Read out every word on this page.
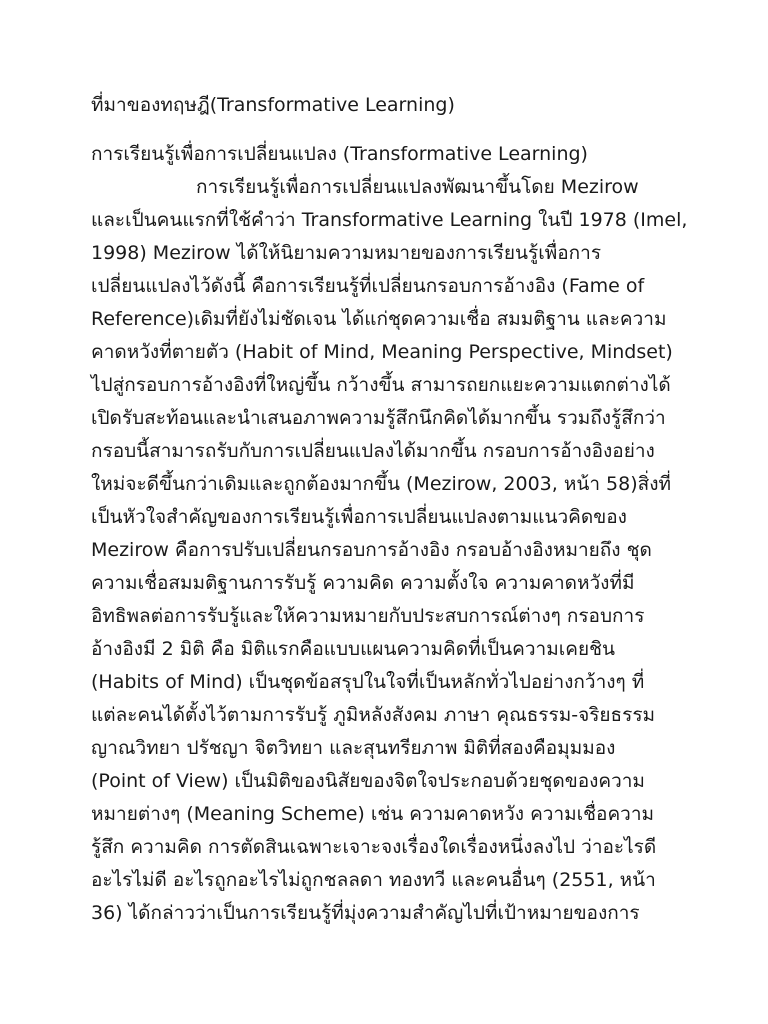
ที่มาของทฤษฎี(Transformative Learning)
การเรียนรู้เพื่อการเปลี่ยนแปลง (Transformative Learning)
การเรียนรู้เพื่อการเปลี่ยนแปลงพัฒนาขึ้นโดย Mezirow
และเป็นคนแรกที่ใช้คำว่า Transformative Learning ในปี 1978 (Imel,
1998) Mezirow ได้ให้นิยามความหมายของการเรียนรู้เพื่อการ
เปลี่ยนแปลงไว้ดังนี้ คือการเรียนรู้ที่เปลี่ยนกรอบการอ้างอิง (Fame of
Reference)เดิมที่ยังไม่ชัดเจน ได้แก่ชุดความเชื่อ สมมติฐาน และความ
คาดหวังที่ตายตัว (Habit of Mind, Meaning Perspective, Mindset)
ไปสู่กรอบการอ้างอิงที่ใหญ่ขึ้น กว้างขึ้น สามารถยกแยะความแตกต่างได้
เปิดรับสะท้อนและนำเสนอภาพความรู้สึกนึกคิดได้มากขึ้น รวมถึงรู้สึกว่า
กรอบนี้สามารถรับกับการเปลี่ยนแปลงได้มากขึ้น กรอบการอ้างอิงอย่าง
ใหม่จะดีขึ้นกว่าเดิมและถูกต้องมากขึ้น (Mezirow, 2003, หน้า 58)สิ่งที่
เป็นหัวใจสำคัญของการเรียนรู้เพื่อการเปลี่ยนแปลงตามแนวคิดของ
Mezirow คือการปรับเปลี่ยนกรอบการอ้างอิง กรอบอ้างอิงหมายถึง ชุด
ความเชื่อสมมติฐานการรับรู้ ความคิด ความตั้งใจ ความคาดหวังที่มี
อิทธิพลต่อการรับรู้และให้ความหมายกับประสบการณ์ต่างๆ กรอบการ
อ้างอิงมี 2 มิติ คือ มิติแรกคือแบบแผนความคิดที่เป็นความเคยชิน
(Habits of Mind) เป็นชุดข้อสรุปในใจที่เป็นหลักทั่วไปอย่างกว้างๆ ที่
แต่ละคนได้ตั้งไว้ตามการรับรู้ ภูมิหลังสังคม ภาษา คุณธรรม-จริยธรรม
ญาณวิทยา ปรัชญา จิตวิทยา และสุนทรียภาพ มิติที่สองคือมุมมอง
(Point of View) เป็นมิติของนิสัยของจิตใจประกอบด้วยชุดของความ
หมายต่างๆ (Meaning Scheme) เช่น ความคาดหวัง ความเชื่อความ
รู้สึก ความคิด การตัดสินเฉพาะเจาะจงเรื่องใดเรื่องหนึ่งลงไป ว่าอะไรดี
อะไรไม่ดี อะไรถูกอะไรไม่ถูกชลลดา ทองทวี และคนอื่นๆ (2551, หน้า
36) ได้กล่าวว่าเป็นการเรียนรู้ที่มุ่งความสำคัญไปที่เป้าหมายของการ
